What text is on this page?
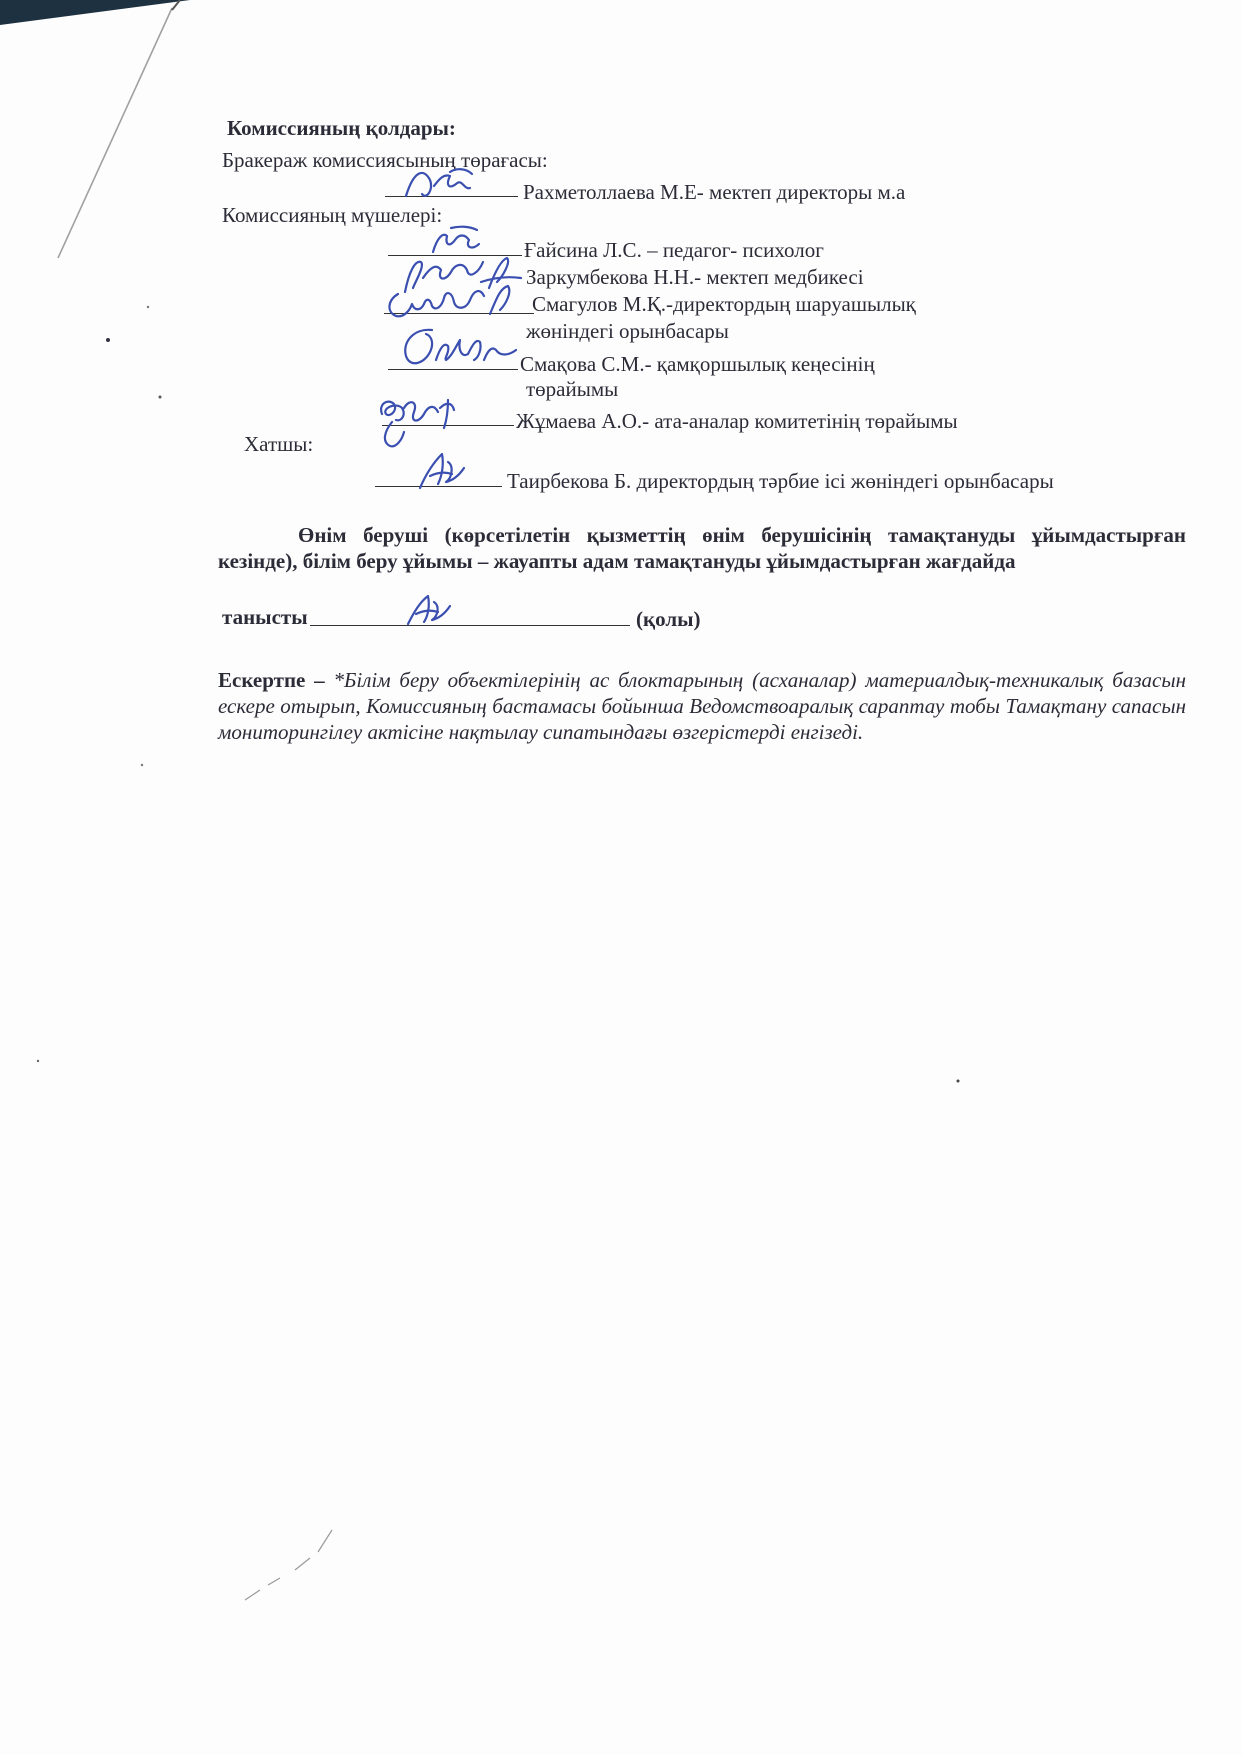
Комиссияның қолдары:
Бракераж комиссиясының төрағасы:
Рахметоллаева М.Е- мектеп директоры м.а
Комиссияның мүшелері:
Ғайсина Л.С. – педагог- психолог
Заркумбекова Н.Н.- мектеп медбикесі
Смагулов М.Қ.-директордың шаруашылық
жөніндегі орынбасары
Смақова С.М.- қамқоршылық кеңесінің
төрайымы
Жұмаева А.О.- ата-аналар комитетінің төрайымы
Хатшы:
Таирбекова Б. директордың тәрбие ісі жөніндегі орынбасары
Өнім беруші (көрсетілетін қызметтің өнім берушісінің тамақтануды ұйымдастырған кезінде), білім беру ұйымы – жауапты адам тамақтануды ұйымдастырған жағдайда
танысты	(қолы)
Ескертпе – *Білім беру объектілерінің ас блоктарының (асханалар) материалдық-техникалық базасын ескере отырып, Комиссияның бастамасы бойынша Ведомствоаралық сараптау тобы Тамақтану сапасын мониторингілеу актісіне нақтылау сипатындағы өзгерістерді енгізеді.
